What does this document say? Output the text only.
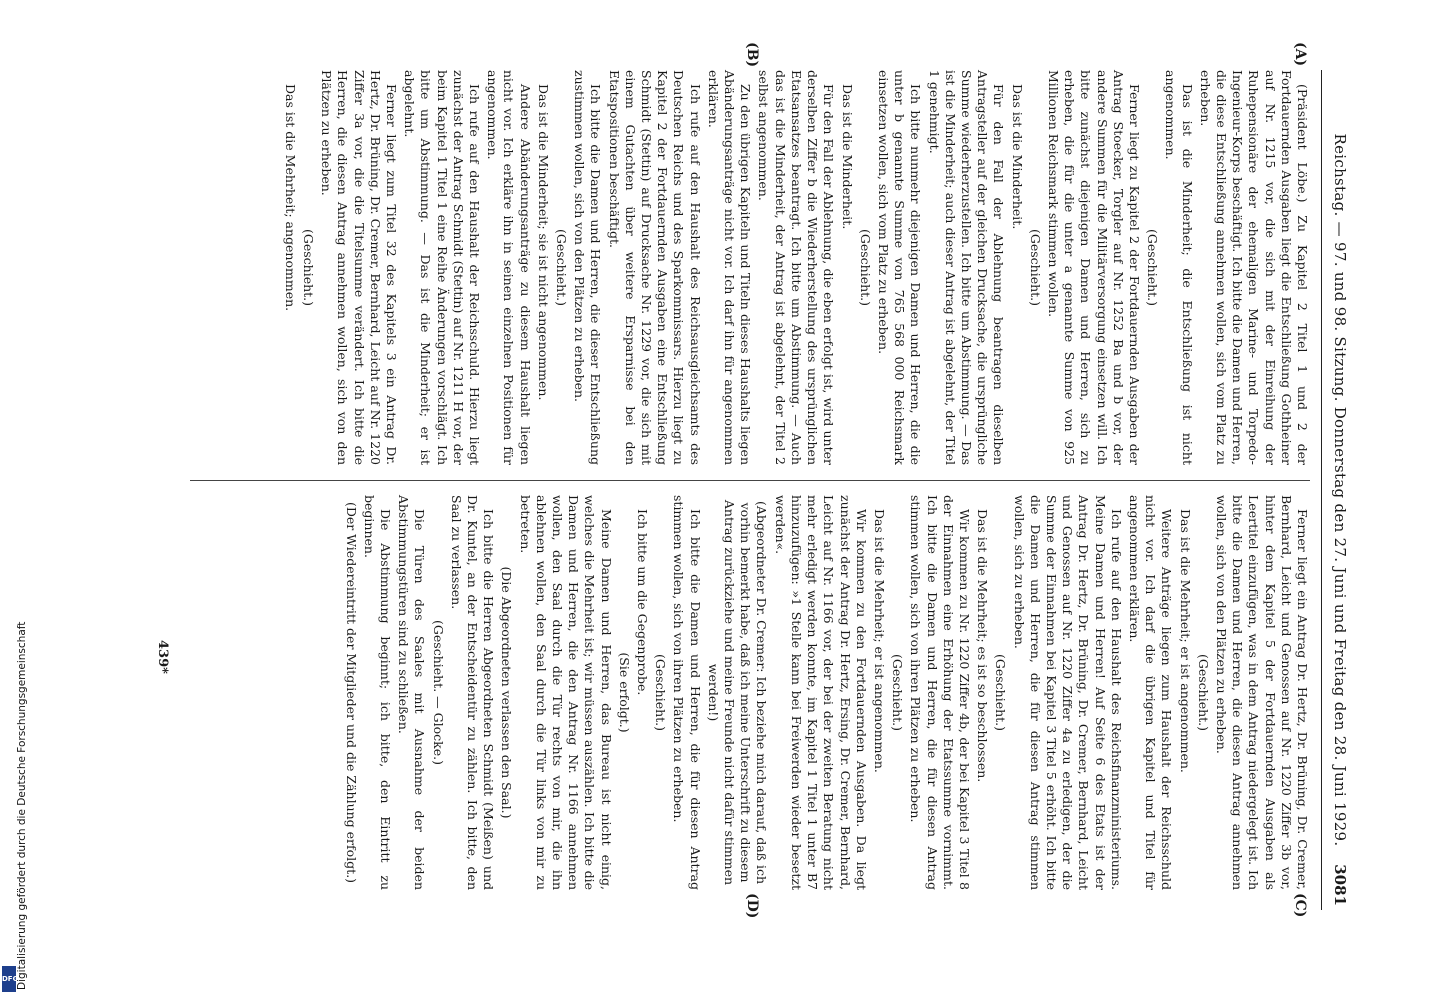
Reichstag. — 97. und 98. Sitzung. Donnerstag den 27. Juni und Freitag den 28. Juni 1929.
3081
(A)
(B)
(C)
(D)

(Präsident Löbe.) Zu Kapitel 2 Titel 1 und 2 der Fortdauernden Ausgaben liegt die Entschließung Gothheiner auf Nr. 1215 vor, die sich mit der Einreihung der Ruhepensionäre der ehemaligen Marine- und Torpedo-Ingenieur-Korps beschäftigt. Ich bitte die Damen und Herren, die diese Entschließung annehmen wollen, sich vom Platz zu erheben.

Das ist die Minderheit; die Entschließung ist nicht angenommen.

(Geschieht.)

Ferner liegt zu Kapitel 2 der Fortdauernden Ausgaben der Antrag Stoecker, Torgler auf Nr. 1252 Ba und b vor, der andere Summen für die Militärversorgung einsetzen will. Ich bitte zunächst diejenigen Damen und Herren, sich zu erheben, die für die unter a genannte Summe von 925 Millionen Reichsmark stimmen wollen.

(Geschieht.)

Das ist die Minderheit.

Für den Fall der Ablehnung beantragen dieselben Antragsteller auf der gleichen Drucksache, die ursprüngliche Summe wiederherzustellen. Ich bitte um Abstimmung. — Das ist die Minderheit; auch dieser Antrag ist abgelehnt, der Titel 1 genehmigt.

Ich bitte nunmehr diejenigen Damen und Herren, die die unter b genannte Summe von 765 568 000 Reichsmark einsetzen wollen, sich vom Platz zu erheben.

(Geschieht.)

Das ist die Minderheit.

Für den Fall der Ablehnung, die eben erfolgt ist, wird unter derselben Ziffer b die Wiederherstellung des ursprünglichen Etatsansatzes beantragt. Ich bitte um Abstimmung. — Auch das ist die Minderheit, der Antrag ist abgelehnt, der Titel 2 selbst angenommen.

Zu den übrigen Kapiteln und Titeln dieses Haushalts liegen Abänderungsanträge nicht vor. Ich darf ihn für angenommen erklären.

Ich rufe auf den Haushalt des Reichsausgleichsamts des Deutschen Reichs und des Sparkommissars. Hierzu liegt zu Kapitel 2 der Fortdauernden Ausgaben eine Entschließung Schmidt (Stettin) auf Drucksache Nr. 1229 vor, die sich mit einem Gutachten über weitere Ersparnisse bei den Etatspositionen beschäftigt.

Ich bitte die Damen und Herren, die dieser Entschließung zustimmen wollen, sich von den Plätzen zu erheben.

(Geschieht.)

Das ist die Minderheit; sie ist nicht angenommen.

Andere Abänderungsanträge zu diesem Haushalt liegen nicht vor. Ich erkläre ihn in seinen einzelnen Positionen für angenommen.

Ich rufe auf den Haushalt der Reichsschuld. Hierzu liegt zunächst der Antrag Schmidt (Stettin) auf Nr. 1211 H vor, der beim Kapitel 1 Titel 1 eine Reihe Änderungen vorschlägt. Ich bitte um Abstimmung. — Das ist die Minderheit; er ist abgelehnt.

Ferner liegt zum Titel 32 des Kapitels 3 ein Antrag Dr. Hertz, Dr. Brüning, Dr. Cremer, Bernhard, Leicht auf Nr. 1220 Ziffer 3a vor, die die Titelsumme verändert. Ich bitte die Herren, die diesen Antrag annehmen wollen, sich von den Plätzen zu erheben.

(Geschieht.)

Das ist die Mehrheit; angenommen.

Ferner liegt ein Antrag Dr. Hertz, Dr. Brüning, Dr. Cremer, Bernhard, Leicht und Genossen auf Nr. 1220 Ziffer 3b vor, hinter dem Kapitel 5 der Fortdauernden Ausgaben als Leertitel einzufügen, was in dem Antrag niedergelegt ist. Ich bitte die Damen und Herren, die diesen Antrag annehmen wollen, sich von den Plätzen zu erheben.

(Geschieht.)

Das ist die Mehrheit; er ist angenommen.

Weitere Anträge liegen zum Haushalt der Reichsschuld nicht vor. Ich darf die übrigen Kapitel und Titel für angenommen erklären.

Ich rufe auf den Haushalt des Reichsfinanzministeriums. Meine Damen und Herren! Auf Seite 6 des Etats ist der Antrag Dr. Hertz, Dr. Brüning, Dr. Cremer, Bernhard, Leicht und Genossen auf Nr. 1220 Ziffer 4a zu erledigen, der die Summe der Einnahmen bei Kapitel 3 Titel 5 erhöht. Ich bitte die Damen und Herren, die für diesen Antrag stimmen wollen, sich zu erheben.

(Geschieht.)

Das ist die Mehrheit; es ist so beschlossen.

Wir kommen zu Nr. 1220 Ziffer 4b, der bei Kapitel 3 Titel 8 der Einnahmen eine Erhöhung der Etatssumme vornimmt. Ich bitte die Damen und Herren, die für diesen Antrag stimmen wollen, sich von ihren Plätzen zu erheben.

(Geschieht.)

Das ist die Mehrheit; er ist angenommen.

Wir kommen zu den Fortdauernden Ausgaben. Da liegt zunächst der Antrag Dr. Hertz, Ersing, Dr. Cremer, Bernhard, Leicht auf Nr. 1166 vor, der bei der zweiten Beratung nicht mehr erledigt werden konnte, im Kapitel 1 Titel 1 unter B7 hinzuzufügen: »1 Stelle kann bei Freiwerden wieder besetzt werden«.

(Abgeordneter Dr. Cremer: Ich beziehe mich darauf, daß ich vorhin bemerkt habe, daß ich meine Unterschrift zu diesem Antrag zurückziehe und meine Freunde nicht dafür stimmen werden!)

Ich bitte die Damen und Herren, die für diesen Antrag stimmen wollen, sich von ihren Plätzen zu erheben.

(Geschieht.)

Ich bitte um die Gegenprobe.

(Sie erfolgt.)

Meine Damen und Herren, das Bureau ist nicht einig, welches die Mehrheit ist; wir müssen auszählen. Ich bitte die Damen und Herren, die den Antrag Nr. 1166 annehmen wollen, den Saal durch die Tür rechts von mir, die ihn ablehnen wollen, den Saal durch die Tür links von mir zu betreten.

(Die Abgeordneten verlassen den Saal.)

Ich bitte die Herren Abgeordneten Schmidt (Meißen) und Dr. Kuntel, an der Entscheidentür zu zählen. Ich bitte, den Saal zu verlassen.

(Geschieht. — Glocke.)

Die Türen des Saales mit Ausnahme der beiden Abstimmungstüren sind zu schließen.

Die Abstimmung beginnt; ich bitte, den Eintritt zu beginnen.

(Der Wiedereintritt der Mitglieder und die Zählung erfolgt.)

439*
DFG
Digitalisierung gefördert durch die Deutsche Forschungsgemeinschaft
